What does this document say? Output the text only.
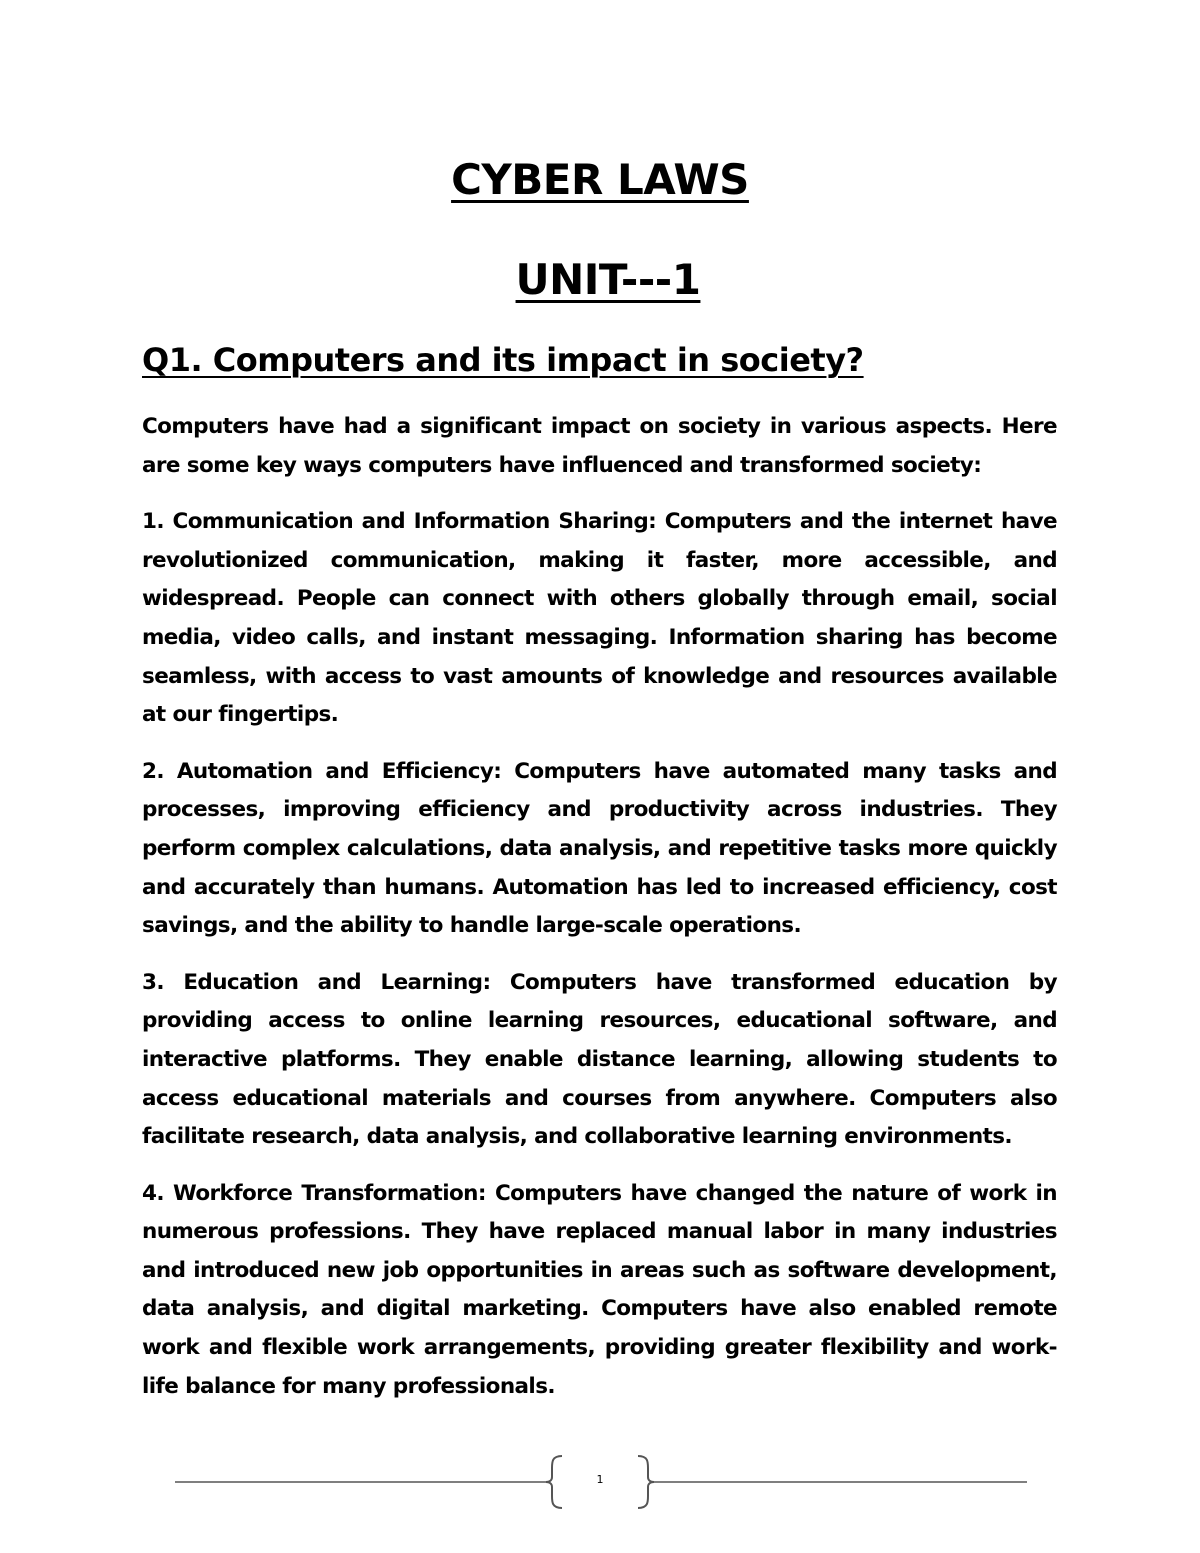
CYBER LAWS
UNIT---1
Q1. Computers and its impact in society?

Computers have had a significant impact on society in various aspects. Here are some key ways computers have influenced and transformed society:

1. Communication and Information Sharing: Computers and the internet have revolutionized communication, making it faster, more accessible, and widespread. People can connect with others globally through email, social media, video calls, and instant messaging. Information sharing has become seamless, with access to vast amounts of knowledge and resources available at our fingertips.

2. Automation and Efficiency: Computers have automated many tasks and processes, improving efficiency and productivity across industries. They perform complex calculations, data analysis, and repetitive tasks more quickly and accurately than humans. Automation has led to increased efficiency, cost savings, and the ability to handle large-scale operations.

3. Education and Learning: Computers have transformed education by providing access to online learning resources, educational software, and interactive platforms. They enable distance learning, allowing students to access educational materials and courses from anywhere. Computers also facilitate research, data analysis, and collaborative learning environments.

4. Workforce Transformation: Computers have changed the nature of work in numerous professions. They have replaced manual labor in many industries and introduced new job opportunities in areas such as software development, data analysis, and digital marketing. Computers have also enabled remote work and flexible work arrangements, providing greater flexibility and work-life balance for many professionals.

1
